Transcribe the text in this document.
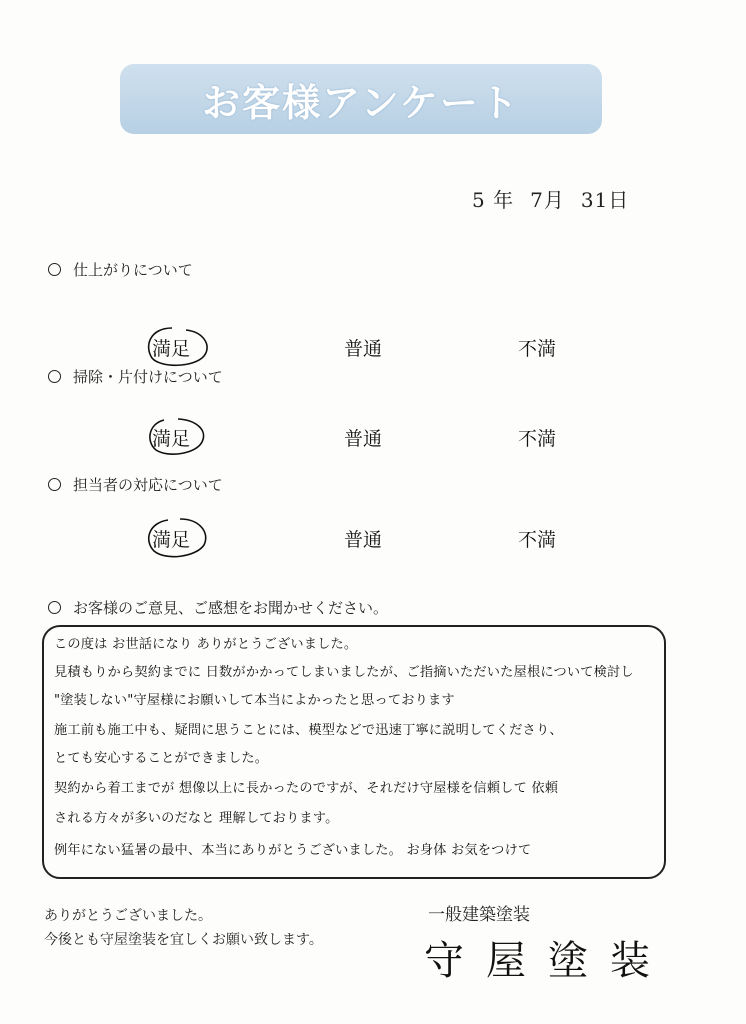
お客様アンケート
5 年 7月 31日
仕上がりについて
満足	普通	不満
掃除・片付けについて
満足	普通	不満
担当者の対応について
満足	普通	不満
お客様のご意見、ご感想をお聞かせください。
この度は お世話になり ありがとうございました。
見積もりから契約までに 日数がかかってしまいましたが、ご指摘いただいた屋根について検討し
"塗装しない"守屋様にお願いして本当によかったと思っております
施工前も施工中も、疑問に思うことには、模型などで迅速丁寧に説明してくださり、
とても安心することができました。
契約から着工までが 想像以上に長かったのですが、それだけ守屋様を信頼して 依頼
される方々が多いのだなと 理解しております。
例年にない猛暑の最中、本当にありがとうございました。 お身体 お気をつけて
ありがとうございました。
今後とも守屋塗装を宜しくお願い致します。
一般建築塗装
守屋塗装
